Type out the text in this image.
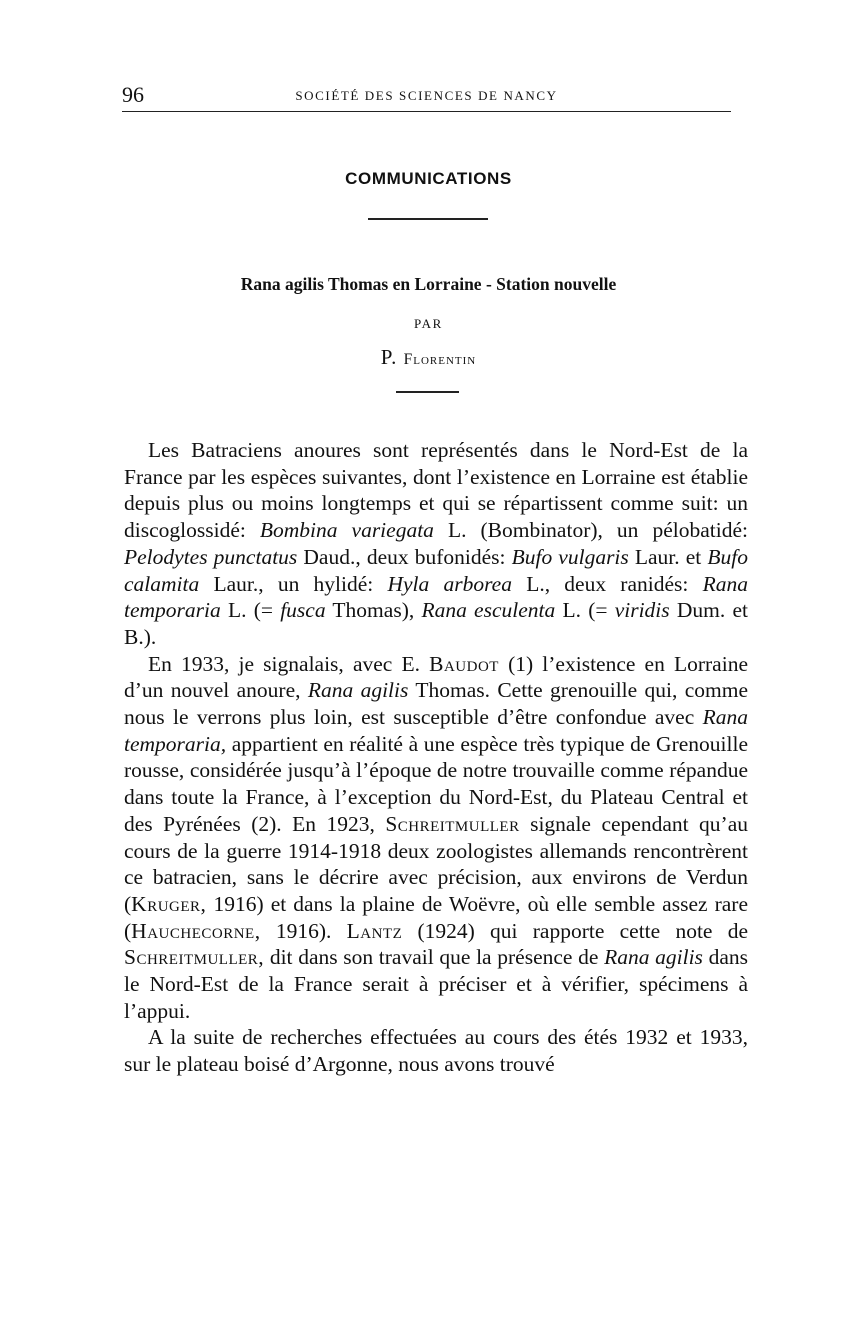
96	SOCIÉTÉ DES SCIENCES DE NANCY
COMMUNICATIONS
Rana agilis Thomas en Lorraine - Station nouvelle
PAR
P. Florentin

Les Batraciens anoures sont représentés dans le Nord-Est de la France par les espèces suivantes, dont l’existence en Lorraine est établie depuis plus ou moins longtemps et qui se répartissent comme suit: un discoglossidé: Bombina variegata L. (Bombinator), un pélobatidé: Pelodytes punctatus Daud., deux bufonidés: Bufo vulgaris Laur. et Bufo calamita Laur., un hylidé: Hyla arborea L., deux ranidés: Rana temporaria L. (= fusca Thomas), Rana esculenta L. (= viridis Dum. et B.).

En 1933, je signalais, avec E. Baudot (1) l’existence en Lorraine d’un nouvel anoure, Rana agilis Thomas. Cette grenouille qui, comme nous le verrons plus loin, est susceptible d’être confondue avec Rana temporaria, appartient en réalité à une espèce très typique de Grenouille rousse, considérée jusqu’à l’époque de notre trouvaille comme répandue dans toute la France, à l’exception du Nord-Est, du Plateau Central et des Pyrénées (2). En 1923, Schreitmuller signale cependant qu’au cours de la guerre 1914-1918 deux zoologistes allemands rencontrèrent ce batracien, sans le décrire avec précision, aux environs de Verdun (Kruger, 1916) et dans la plaine de Woëvre, où elle semble assez rare (Hauchecorne, 1916). Lantz (1924) qui rapporte cette note de Schreitmuller, dit dans son travail que la présence de Rana agilis dans le Nord-Est de la France serait à préciser et à vérifier, spécimens à l’appui.

A la suite de recherches effectuées au cours des étés 1932 et 1933, sur le plateau boisé d’Argonne, nous avons trouvé
